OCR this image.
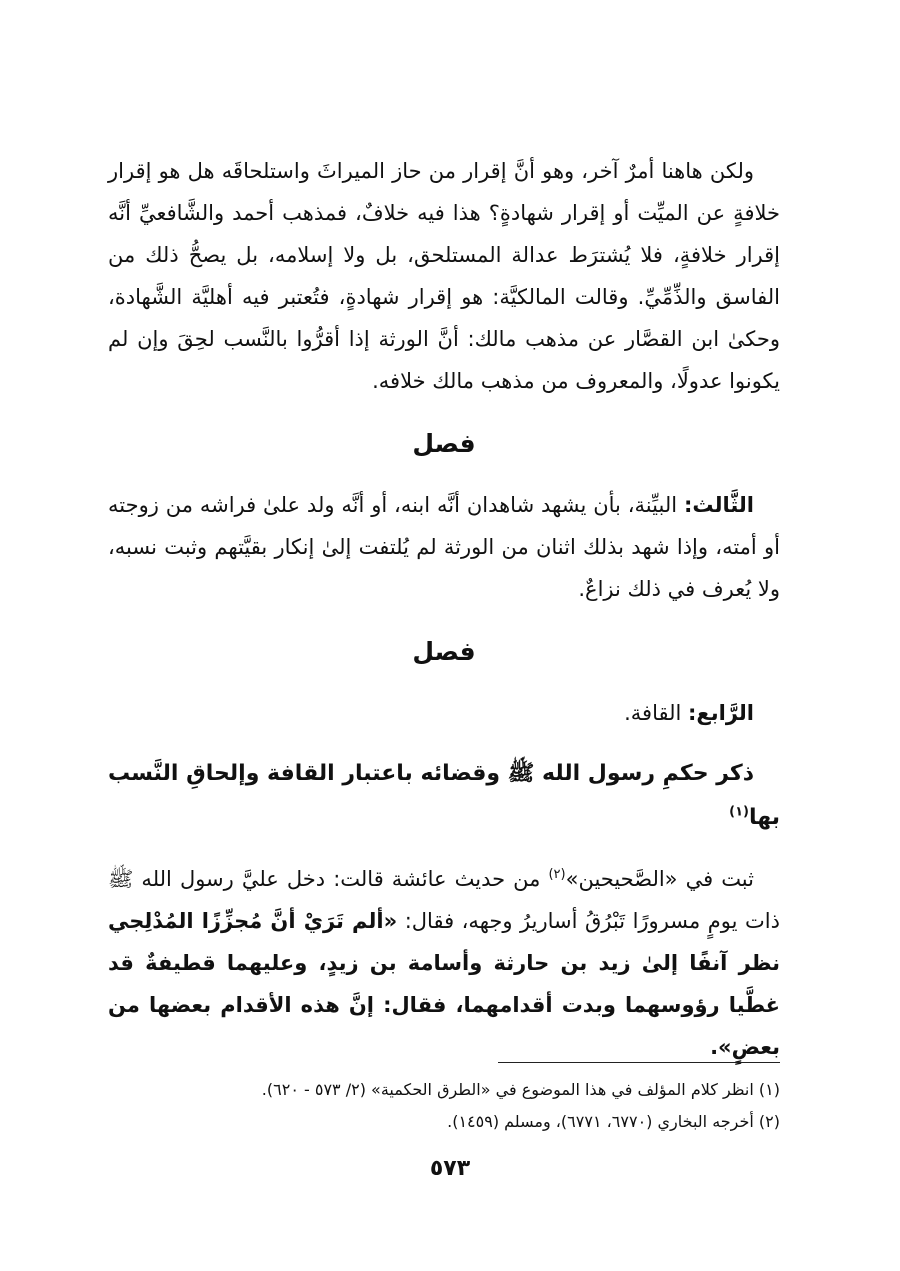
ولكن هاهنا أمرٌ آخر، وهو أنَّ إقرار من حاز الميراثَ واستلحاقَه هل هو إقرار خلافةٍ عن الميِّت أو إقرار شهادةٍ؟ هذا فيه خلافٌ، فمذهب أحمد والشَّافعيِّ أنَّه إقرار خلافةٍ، فلا يُشترَط عدالة المستلحق، بل ولا إسلامه، بل يصحُّ ذلك من الفاسق والذِّمِّيِّ. وقالت المالكيَّة: هو إقرار شهادةٍ، فتُعتبر فيه أهليَّة الشَّهادة، وحكىٰ ابن القصَّار عن مذهب مالك: أنَّ الورثة إذا أقرُّوا بالنَّسب لحِقَ وإن لم يكونوا عدولًا، والمعروف من مذهب مالك خلافه.

فصل

الثَّالث: البيِّنة، بأن يشهد شاهدان أنَّه ابنه، أو أنَّه ولد علىٰ فراشه من زوجته أو أمته، وإذا شهد بذلك اثنان من الورثة لم يُلتفت إلىٰ إنكار بقيَّتهم وثبت نسبه، ولا يُعرف في ذلك نزاعٌ.

فصل

الرَّابع: القافة.

ذكر حكمِ رسول الله ﷺ وقضائه باعتبار القافة وإلحاقِ النَّسب بها$^{(١)}$

ثبت في «الصَّحيحين»$^{(٢)}$ من حديث عائشة قالت: دخل عليَّ رسول الله ﷺ ذات يومٍ مسرورًا تَبْرُقُ أساريرُ وجهه، فقال: «ألم تَرَيْ أنَّ مُجزِّزًا المُدْلِجي نظر آنفًا إلىٰ زيد بن حارثة وأسامة بن زيدٍ، وعليهما قطيفةٌ قد غطَّيا رؤوسهما وبدت أقدامهما، فقال: إنَّ هذه الأقدام بعضها من بعضٍ».

(١) انظر كلام المؤلف في هذا الموضوع في «الطرق الحكمية» (٢/ ٥٧٣ - ٦٢٠).

(٢) أخرجه البخاري (٦٧٧٠، ٦٧٧١)، ومسلم (١٤٥٩).

٥٧٣
